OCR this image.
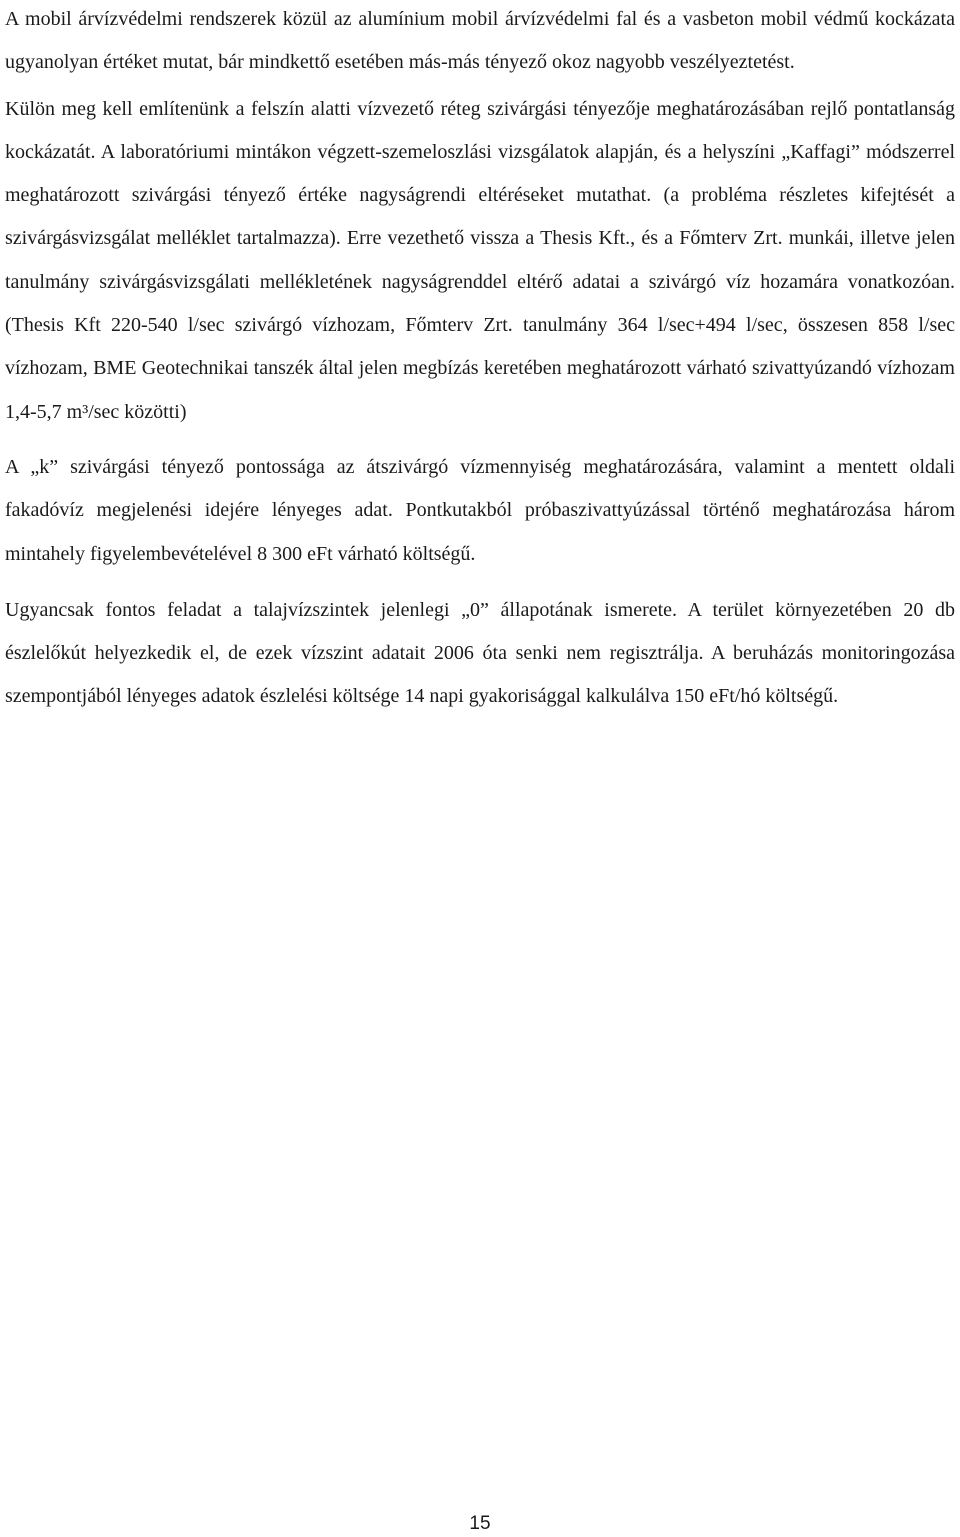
A mobil árvízvédelmi rendszerek közül az alumínium mobil árvízvédelmi fal és a vasbeton mobil védmű kockázata ugyanolyan értéket mutat, bár mindkettő esetében más-más tényező okoz nagyobb veszélyeztetést.

Külön meg kell említenünk a felszín alatti vízvezető réteg szivárgási tényezője meghatározásában rejlő pontatlanság kockázatát. A laboratóriumi mintákon végzett-szemeloszlási vizsgálatok alapján, és a helyszíni „Kaffagi” módszerrel meghatározott szivárgási tényező értéke nagyságrendi eltéréseket mutathat. (a probléma részletes kifejtését a szivárgásvizsgálat melléklet tartalmazza). Erre vezethető vissza a Thesis Kft., és a Főmterv Zrt. munkái, illetve jelen tanulmány szivárgásvizsgálati mellékletének nagyságrenddel eltérő adatai a szivárgó víz hozamára vonatkozóan. (Thesis Kft 220-540 l/sec szivárgó vízhozam, Főmterv Zrt. tanulmány 364 l/sec+494 l/sec, összesen 858 l/sec vízhozam, BME Geotechnikai tanszék által jelen megbízás keretében meghatározott várható szivattyúzandó vízhozam 1,4-5,7 m³/sec közötti)

A „k” szivárgási tényező pontossága az átszivárgó vízmennyiség meghatározására, valamint a mentett oldali fakadóvíz megjelenési idejére lényeges adat. Pontkutakból próbaszivattyúzással történő meghatározása három mintahely figyelembevételével 8 300 eFt várható költségű.

Ugyancsak fontos feladat a talajvízszintek jelenlegi „0” állapotának ismerete. A terület környezetében 20 db észlelőkút helyezkedik el, de ezek vízszint adatait 2006 óta senki nem regisztrálja. A beruházás monitoringozása szempontjából lényeges adatok észlelési költsége 14 napi gyakorisággal kalkulálva 150 eFt/hó költségű.

15
